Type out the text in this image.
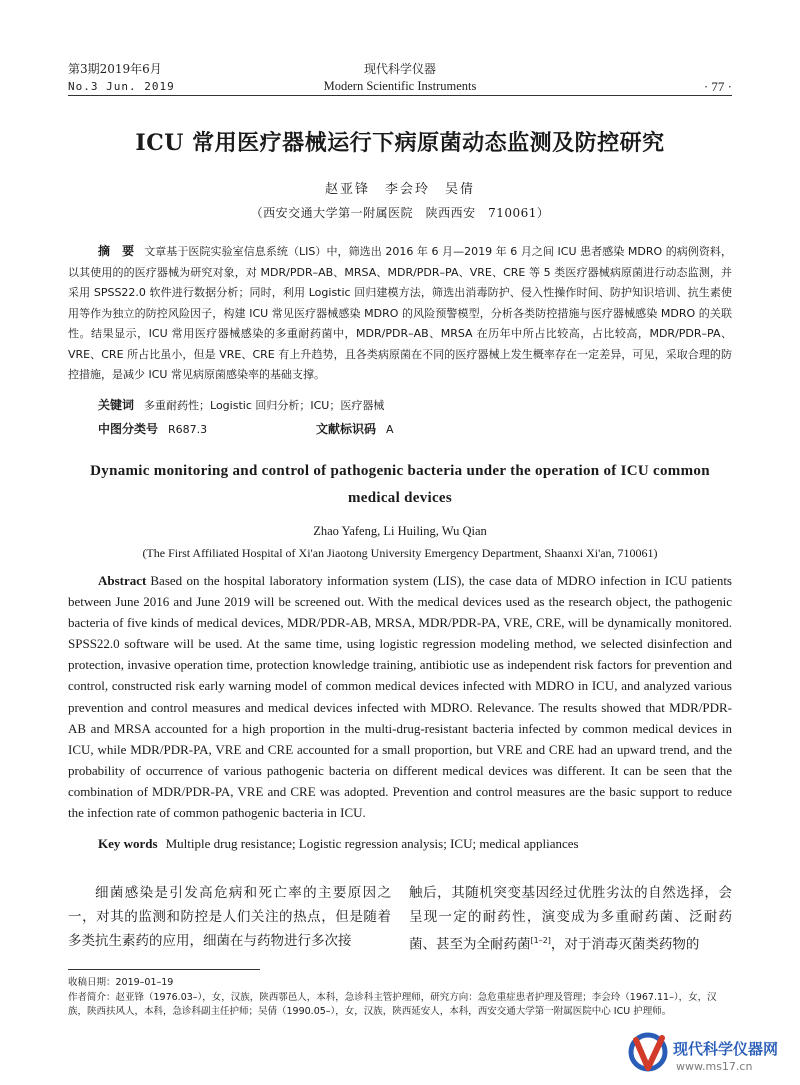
第3期2019年6月
No.3 Jun. 2019
现代科学仪器
Modern Scientific Instruments	· 77 ·
ICU 常用医疗器械运行下病原菌动态监测及防控研究
赵亚锋　李会玲　吴倩
（西安交通大学第一附属医院　陕西西安　710061）
摘　要 文章基于医院实验室信息系统（LIS）中，筛选出 2016 年 6 月—2019 年 6 月之间 ICU 患者感染 MDRO 的病例资料，以其使用的的医疗器械为研究对象，对 MDR/PDR–AB、MRSA、MDR/PDR–PA、VRE、CRE 等 5 类医疗器械病原菌进行动态监测，并采用 SPSS22.0 软件进行数据分析；同时，利用 Logistic 回归建模方法，筛选出消毒防护、侵入性操作时间、防护知识培训、抗生素使用等作为独立的防控风险因子，构建 ICU 常见医疗器械感染 MDRO 的风险预警模型，分析各类防控措施与医疗器械感染 MDRO 的关联性。结果显示，ICU 常用医疗器械感染的多重耐药菌中，MDR/PDR–AB、MRSA 在历年中所占比较高，占比较高，MDR/PDR–PA、VRE、CRE 所占比虽小，但是 VRE、CRE 有上升趋势，且各类病原菌在不同的医疗器械上发生概率存在一定差异，可见，采取合理的防控措施，是减少 ICU 常见病原菌感染率的基础支撑。
关键词 多重耐药性；Logistic 回归分析；ICU；医疗器械
中图分类号 R687.3	文献标识码 A
Dynamic monitoring and control of pathogenic bacteria under the operation of ICU common medical devices
Zhao Yafeng, Li Huiling, Wu Qian
(The First Affiliated Hospital of Xi'an Jiaotong University Emergency Department, Shaanxi Xi'an, 710061)
Abstract Based on the hospital laboratory information system (LIS), the case data of MDRO infection in ICU patients between June 2016 and June 2019 will be screened out. With the medical devices used as the research object, the pathogenic bacteria of five kinds of medical devices, MDR/PDR-AB, MRSA, MDR/PDR-PA, VRE, CRE, will be dynamically monitored. SPSS22.0 software will be used. At the same time, using logistic regression modeling method, we selected disinfection and protection, invasive operation time, protection knowledge training, antibiotic use as independent risk factors for prevention and control, constructed risk early warning model of common medical devices infected with MDRO in ICU, and analyzed various prevention and control measures and medical devices infected with MDRO. Relevance. The results showed that MDR/PDR-AB and MRSA accounted for a high proportion in the multi-drug-resistant bacteria infected by common medical devices in ICU, while MDR/PDR-PA, VRE and CRE accounted for a small proportion, but VRE and CRE had an upward trend, and the probability of occurrence of various pathogenic bacteria on different medical devices was different. It can be seen that the combination of MDR/PDR-PA, VRE and CRE was adopted. Prevention and control measures are the basic support to reduce the infection rate of common pathogenic bacteria in ICU.
Key words Multiple drug resistance; Logistic regression analysis; ICU; medical appliances
细菌感染是引发高危病和死亡率的主要原因之一，对其的监测和防控是人们关注的热点，但是随着多类抗生素药的应用，细菌在与药物进行多次接
触后，其随机突变基因经过优胜劣汰的自然选择，会呈现一定的耐药性，演变成为多重耐药菌、泛耐药菌、甚至为全耐药菌[1–2]，对于消毒灭菌类药物的
收稿日期：2019–01–19
作者简介：赵亚锋（1976.03–），女，汉族，陕西鄠邑人，本科，急诊科主管护理师，研究方向：急危重症患者护理及管理；李会玲（1967.11–），女，汉族，陕西扶风人，本科，急诊科副主任护师；吴倩（1990.05–），女，汉族，陕西延安人，本科，西安交通大学第一附属医院中心 ICU 护理师。
现代科学仪器网
www.ms17.cn
